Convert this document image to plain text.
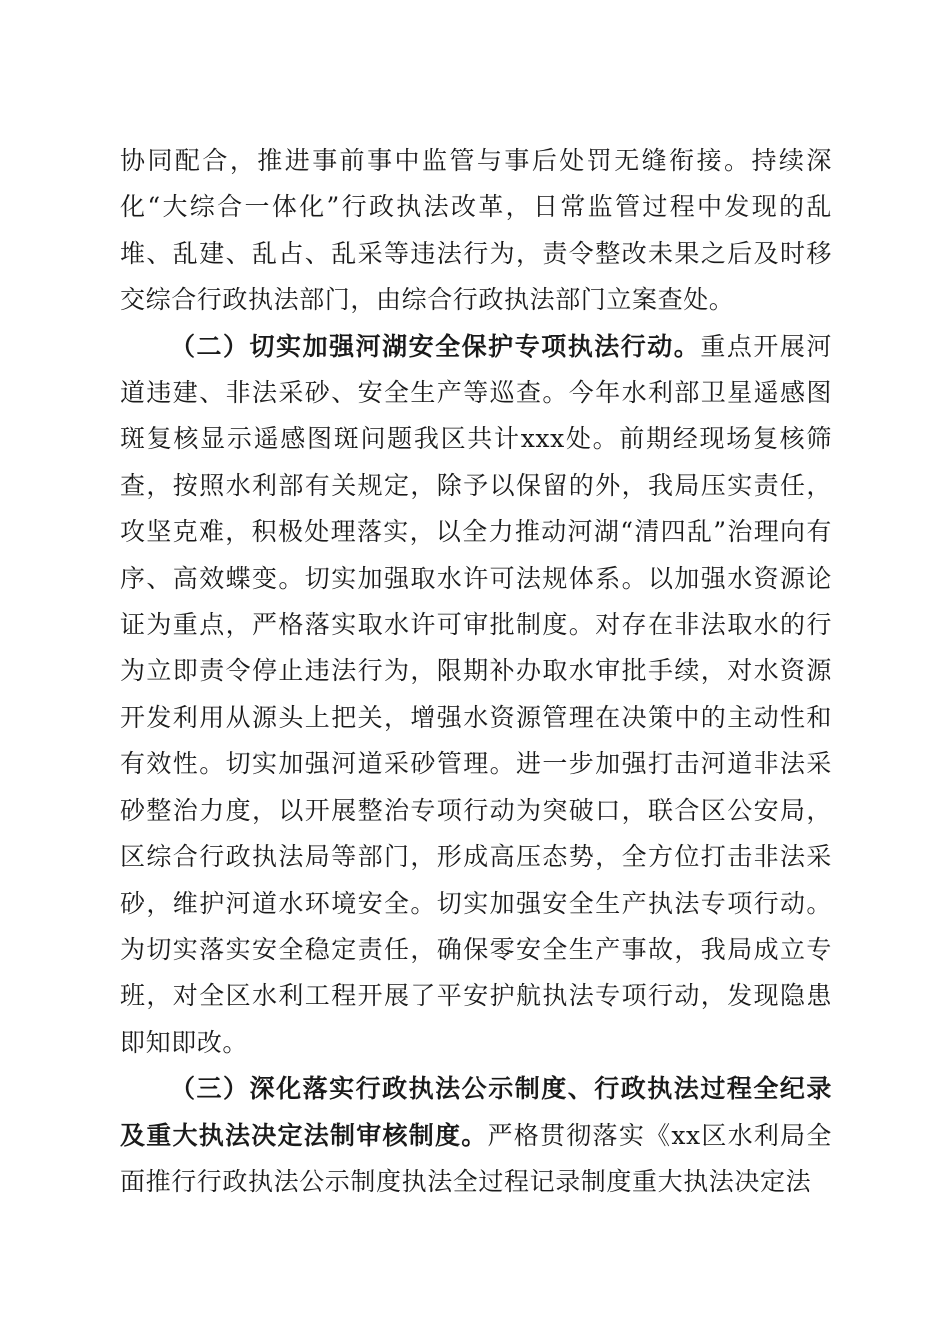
协同配合，推进事前事中监管与事后处罚无缝衔接。持续深化“大综合一体化”行政执法改革，日常监管过程中发现的乱堆、乱建、乱占、乱采等违法行为，责令整改未果之后及时移交综合行政执法部门，由综合行政执法部门立案查处。

（二）切实加强河湖安全保护专项执法行动。重点开展河道违建、非法采砂、安全生产等巡查。今年水利部卫星遥感图斑复核显示遥感图斑问题我区共计xxx处。前期经现场复核筛查，按照水利部有关规定，除予以保留的外，我局压实责任，攻坚克难，积极处理落实，以全力推动河湖“清四乱”治理向有序、高效蝶变。切实加强取水许可法规体系。以加强水资源论证为重点，严格落实取水许可审批制度。对存在非法取水的行为立即责令停止违法行为，限期补办取水审批手续，对水资源开发利用从源头上把关，增强水资源管理在决策中的主动性和有效性。切实加强河道采砂管理。进一步加强打击河道非法采砂整治力度，以开展整治专项行动为突破口，联合区公安局，区综合行政执法局等部门，形成高压态势，全方位打击非法采砂，维护河道水环境安全。切实加强安全生产执法专项行动。为切实落实安全稳定责任，确保零安全生产事故，我局成立专班，对全区水利工程开展了平安护航执法专项行动，发现隐患即知即改。

（三）深化落实行政执法公示制度、行政执法过程全纪录及重大执法决定法制审核制度。严格贯彻落实《xx区水利局全面推行行政执法公示制度执法全过程记录制度重大执法决定法
